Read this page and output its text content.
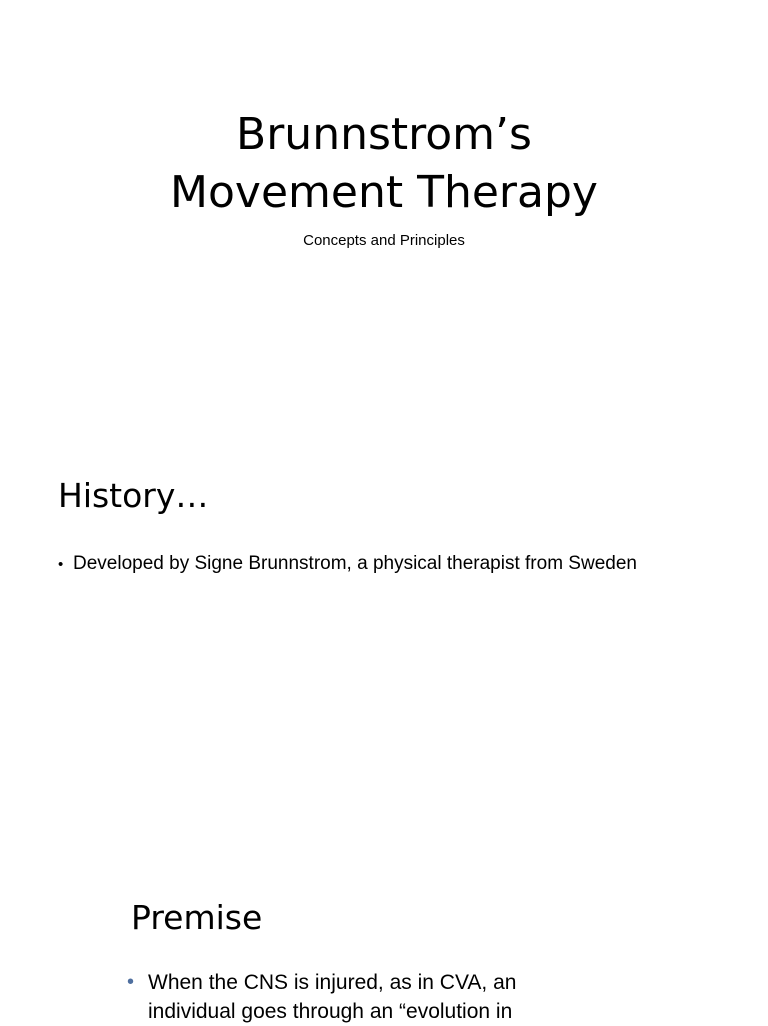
Brunnstrom’s
Movement Therapy

Concepts and Principles

History…
• Developed by Signe Brunnstrom, a physical therapist from Sweden
Premise
• When the CNS is injured, as in CVA, an individual goes through an “evolution in
